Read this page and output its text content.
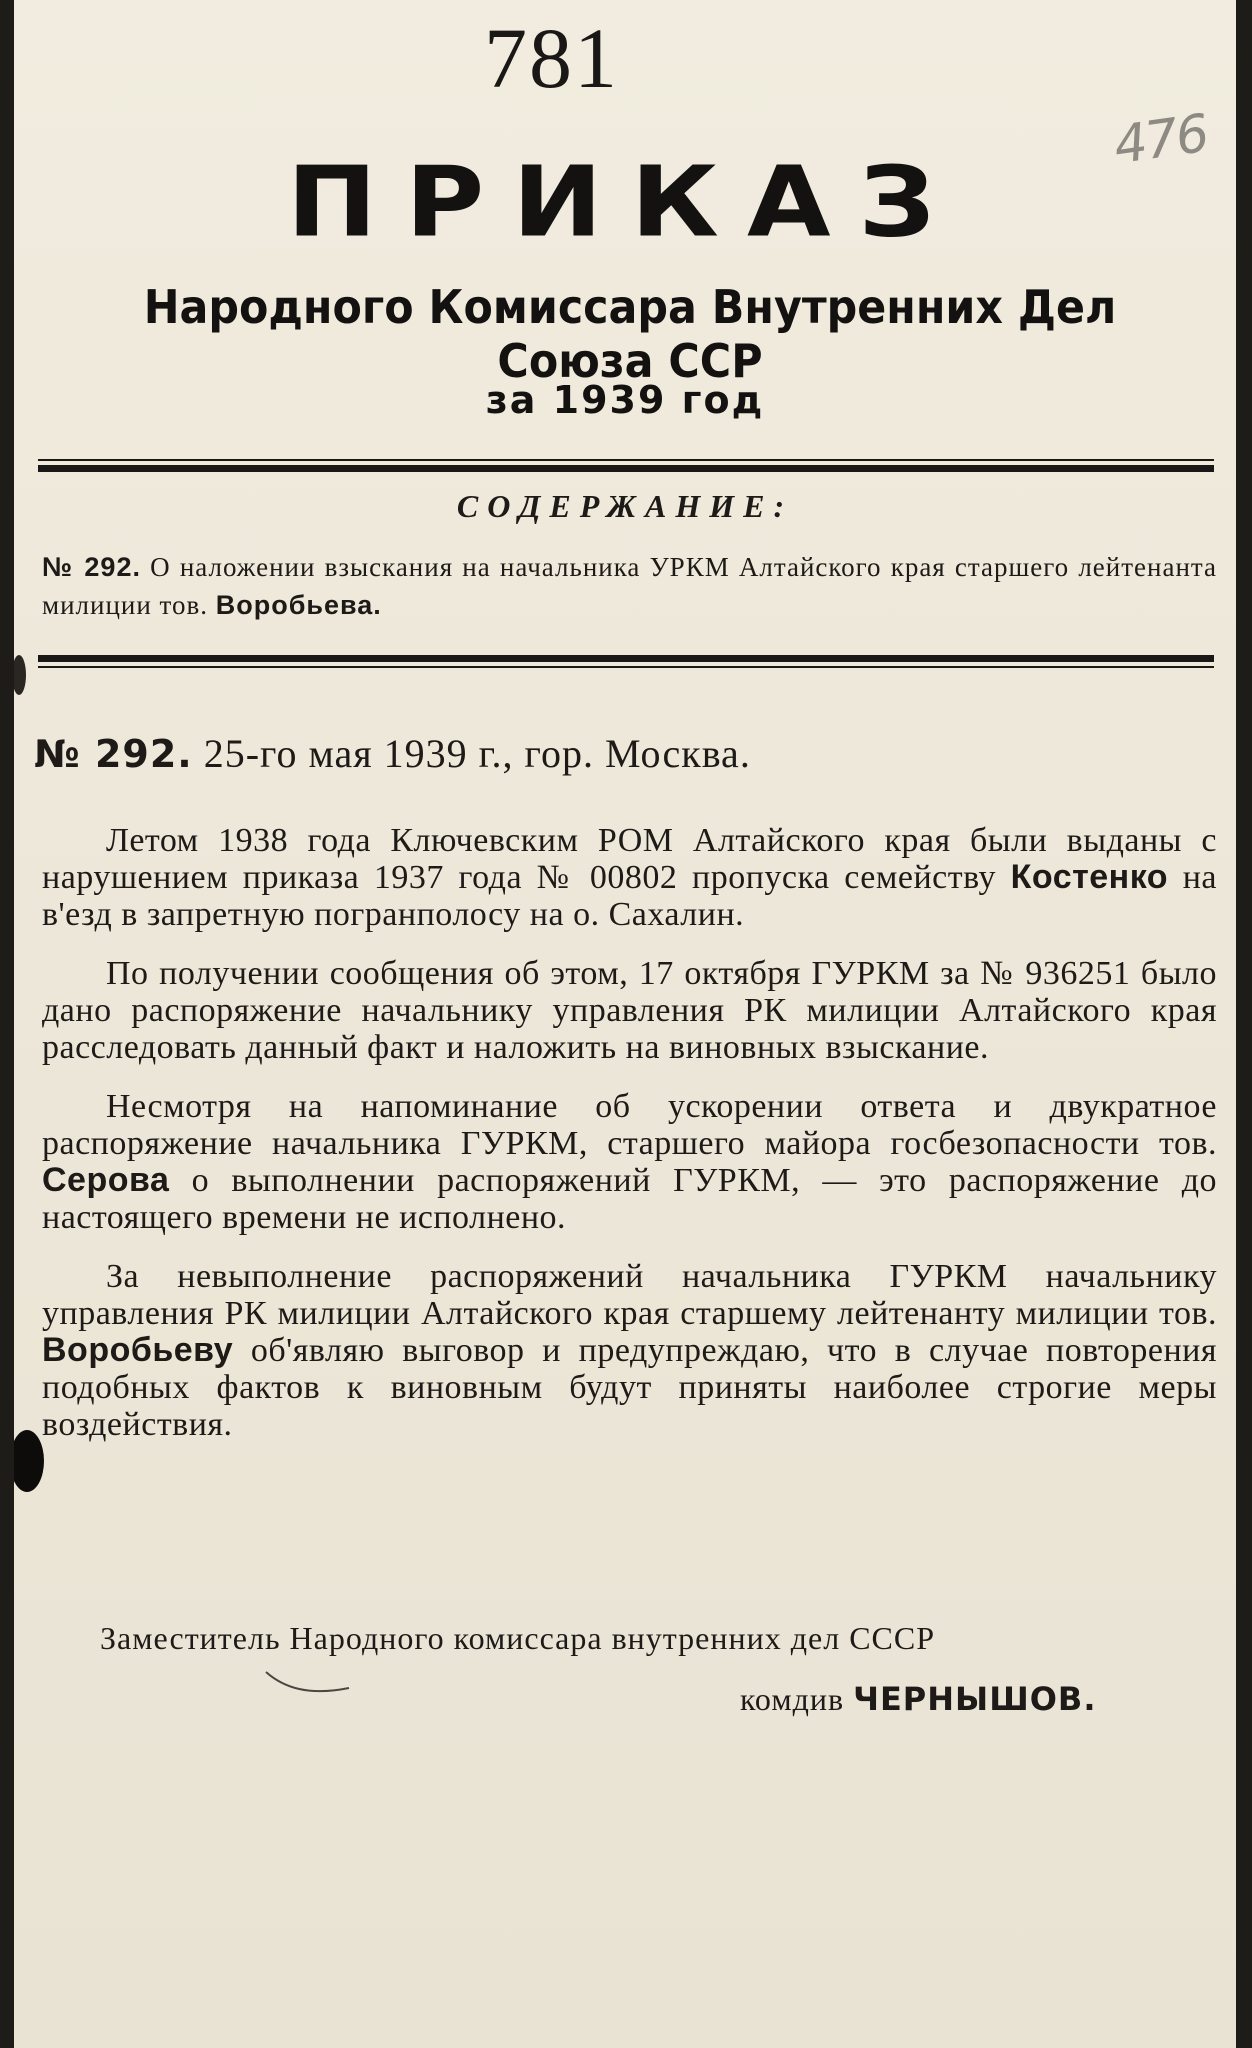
781
476
ПРИКАЗ
Народного Комиссара Внутренних Дел Союза ССР
за 1939 год
СОДЕРЖАНИЕ:
№ 292. О наложении взыскания на начальника УРКМ Алтайского края старшего лейтенанта милиции тов. Воробьева.
№ 292. 25-го мая 1939 г., гор. Москва.

Летом 1938 года Ключевским РОМ Алтайского края были выданы с нарушением приказа 1937 года № 00802 пропуска семейству Костенко на в'езд в запретную погранполосу на о. Сахалин.

По получении сообщения об этом, 17 октября ГУРКМ за № 936251 было дано распоряжение начальнику управления РК милиции Алтайского края расследовать данный факт и наложить на виновных взыскание.

Несмотря на напоминание об ускорении ответа и двукратное распоряжение начальника ГУРКМ, старшего майора госбезопасности тов. Серова о выполнении распоряжений ГУРКМ, — это распоряжение до настоящего времени не исполнено.

За невыполнение распоряжений начальника ГУРКМ начальнику управления РК милиции Алтайского края старшему лейтенанту милиции тов. Воробьеву об'являю выговор и предупреждаю, что в случае повторения подобных фактов к виновным будут приняты наиболее строгие меры воздействия.

Заместитель Народного комиссара внутренних дел СССР
комдив ЧЕРНЫШОВ.
